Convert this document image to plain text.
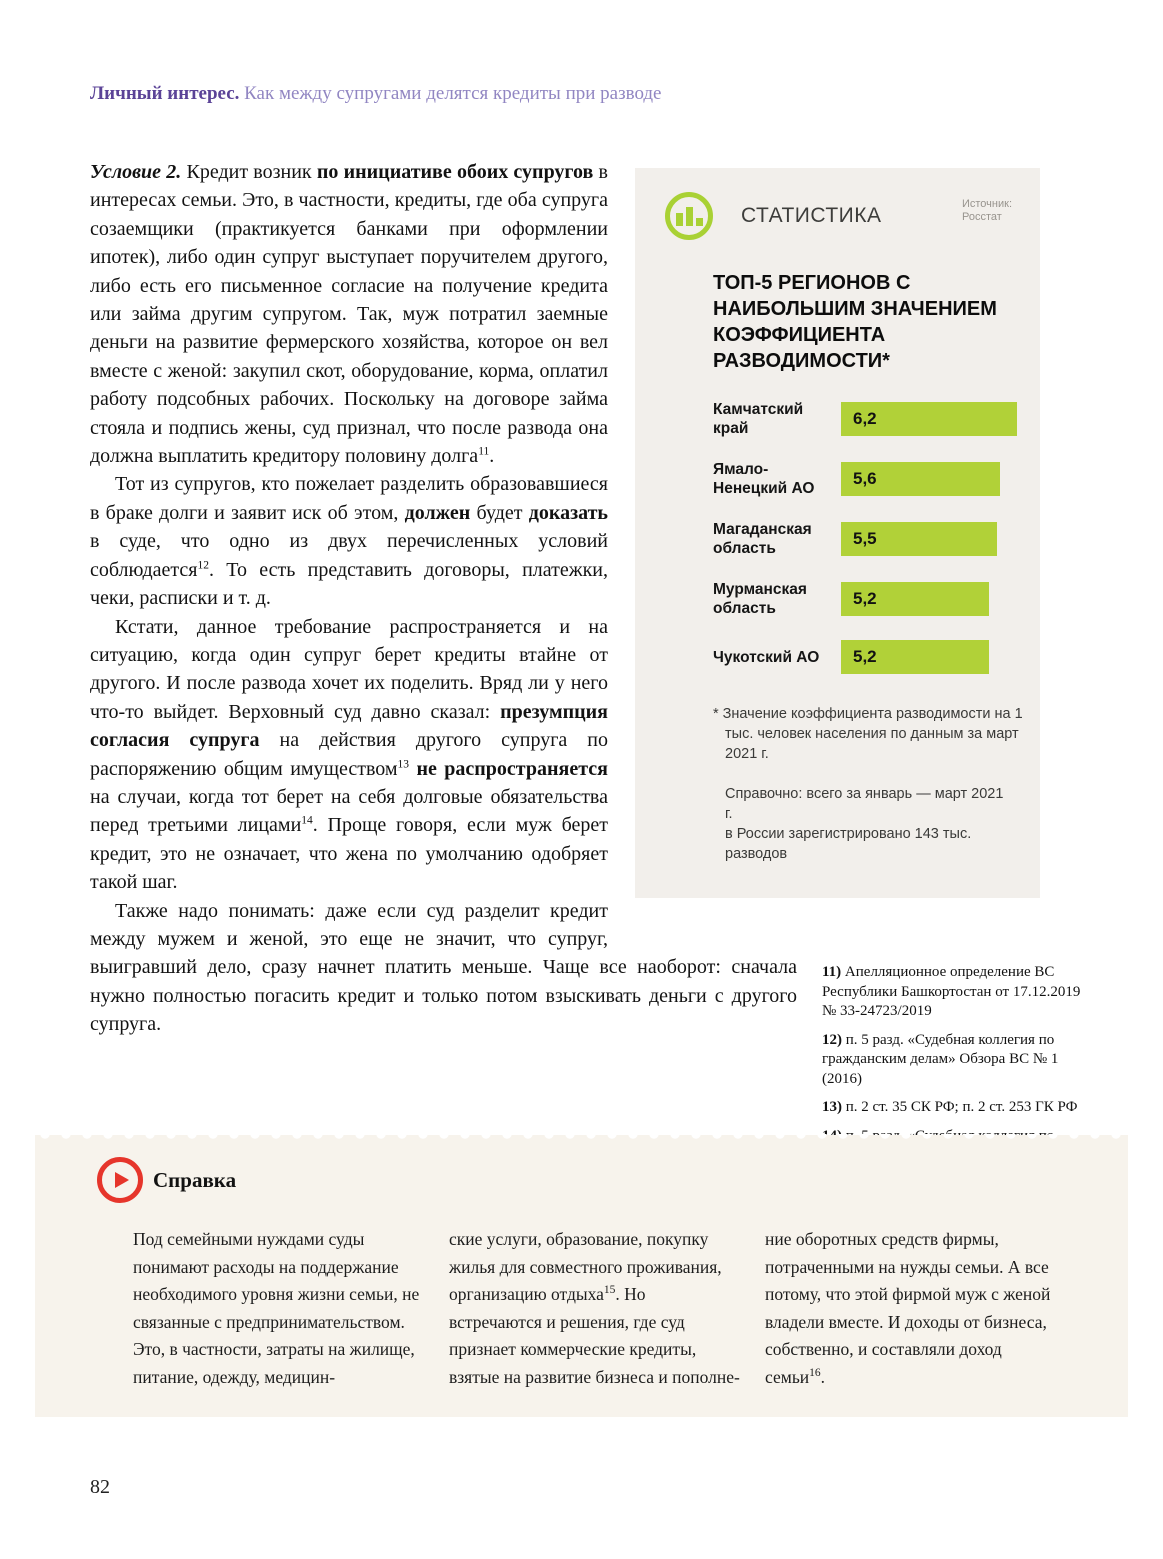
Личный интерес. Как между супругами делятся кредиты при разводе
СТАТИСТИКА	Источник:
Росстат
ТОП-5 РЕГИОНОВ С НАИБОЛЬШИМ ЗНАЧЕНИЕМ КОЭФФИЦИЕНТА РАЗВОДИМОСТИ*
Камчатский край
6,2
Ямало-Ненецкий АО
5,6
Магаданская область
5,5
Мурманская область
5,2
Чукотский АО	5,2

* Значение коэффициента разводимости на 1 тыс. человек населения по данным за март 2021 г.

Справочно: всего за январь — март 2021 г.
в России зарегистрировано 143 тыс. разводов

11) Апелляционное определение ВС Республики Башкортостан от 17.12.2019 № 33-24723/2019

12) п. 5 разд. «Судебная коллегия по гражданским делам» Обзора ВС № 1 (2016)

13) п. 2 ст. 35 СК РФ; п. 2 ст. 253 ГК РФ

Условие 2. Кредит возник по инициативе обоих супругов в интересах семьи. Это, в частности, кредиты, где оба супруга созаемщики (практикуется банками при оформлении ипотек), либо один супруг выступает поручителем другого, либо есть его письменное согласие на получение кредита или займа другим супругом. Так, муж потратил заемные деньги на развитие фермерского хозяйства, которое он вел вместе с женой: закупил скот, оборудование, корма, оплатил работу подсобных рабочих. Поскольку на договоре займа стояла и подпись жены, суд признал, что после развода она должна выплатить кредитору половину долга$^{11}$.

Тот из супругов, кто пожелает разделить образовавшиеся в браке долги и заявит иск об этом, должен будет доказать в суде, что одно из двух перечисленных условий соблюдается$^{12}$. То есть представить договоры, платежки, чеки, расписки и т. д.

Кстати, данное требование распространяется и на ситуацию, когда один супруг берет кредиты втайне от другого. И после развода хочет их поделить. Вряд ли у него что-то выйдет. Верховный суд давно сказал: презумпция согласия супруга на действия другого супруга по распоряжению общим имуществом$^{13}$ не распространяется на случаи, когда тот берет на себя долговые обязательства перед третьими лицами$^{14}$. Проще говоря, если муж берет кредит, это не означает, что жена по умолчанию одобряет такой шаг.

Также надо понимать: даже если суд разделит кредит между мужем и женой, это еще не значит, что супруг, выигравший дело, сразу начнет платить меньше. Чаще все наоборот: сначала нужно полностью погасить кредит и только потом взыскивать деньги с другого супруга.

Справка
Под семейными нуждами суды понимают расходы на поддержание необходимого уровня жизни семьи, не связанные с предпринимательством. Это, в частности, затраты на жилище, питание, одежду, медицин-
ские услуги, образование, покупку жилья для совместного проживания, организацию отдыха$^{15}$. Но встречаются и решения, где суд признает коммерческие кредиты, взятые на развитие бизнеса и пополне-
ние оборотных средств фирмы, потраченными на нужды семьи. А все потому, что этой фирмой муж с женой владели вместе. И доходы от бизнеса, собственно, и составляли доход семьи$^{16}$.
82
